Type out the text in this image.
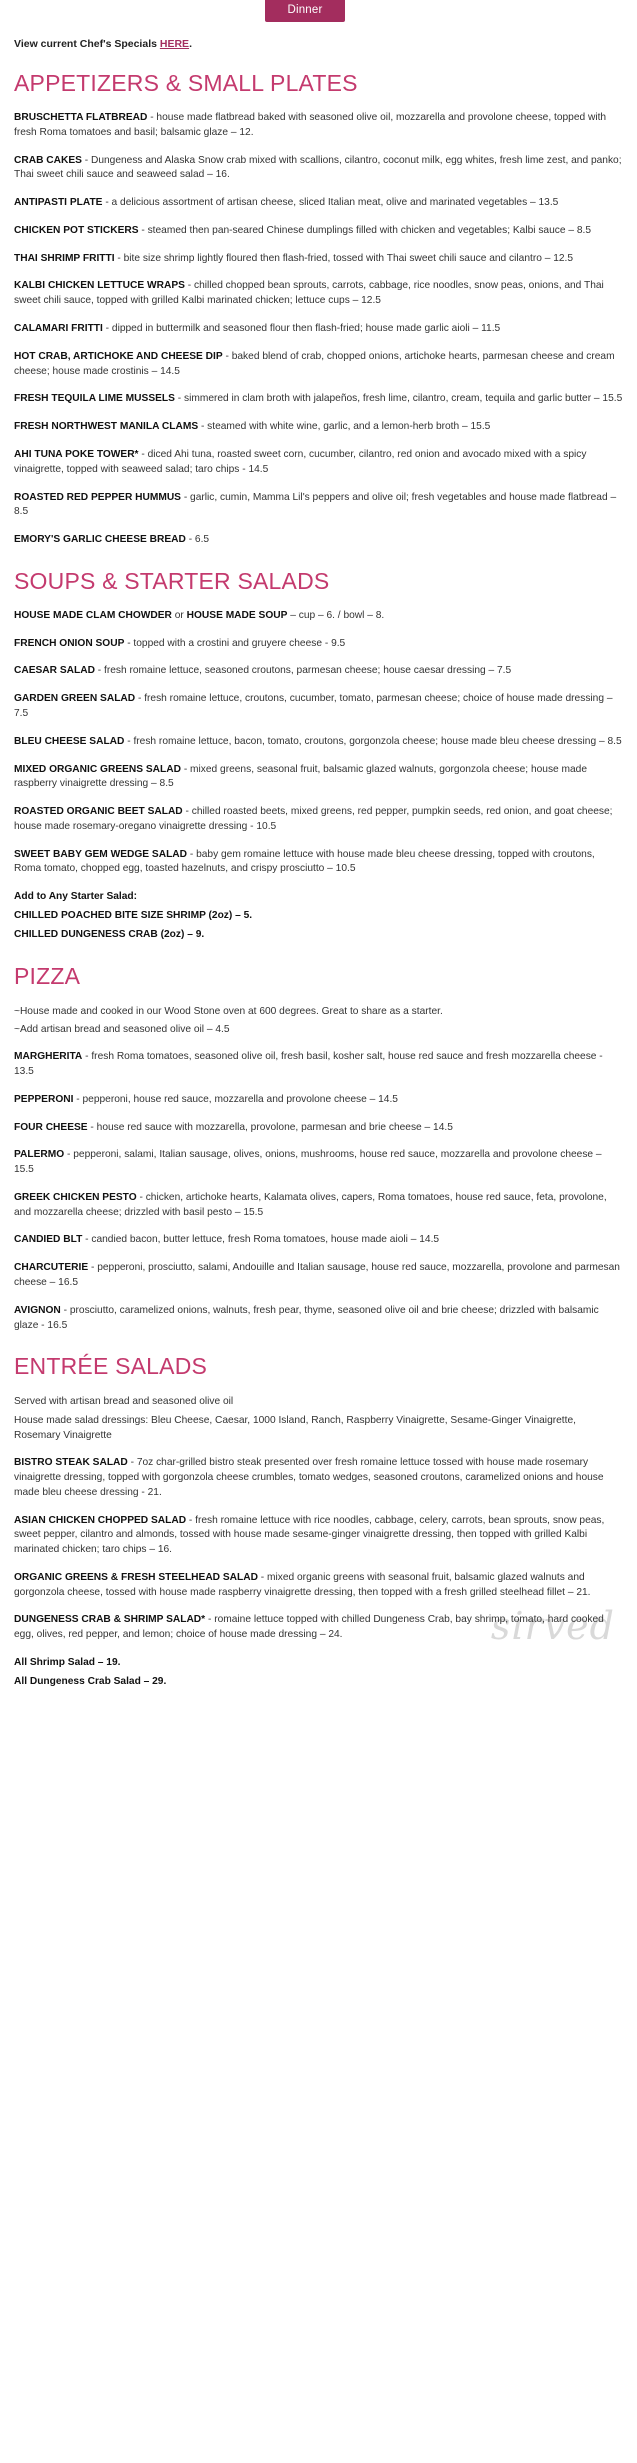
Dinner
sirved
View current Chef's Specials HERE.
APPETIZERS & SMALL PLATES

BRUSCHETTA FLATBREAD - house made flatbread baked with seasoned olive oil, mozzarella and provolone cheese, topped with fresh Roma tomatoes and basil; balsamic glaze – 12.

CRAB CAKES - Dungeness and Alaska Snow crab mixed with scallions, cilantro, coconut milk, egg whites, fresh lime zest, and panko; Thai sweet chili sauce and seaweed salad – 16.

ANTIPASTI PLATE - a delicious assortment of artisan cheese, sliced Italian meat, olive and marinated vegetables – 13.5

CHICKEN POT STICKERS - steamed then pan-seared Chinese dumplings filled with chicken and vegetables; Kalbi sauce – 8.5

THAI SHRIMP FRITTI - bite size shrimp lightly floured then flash-fried, tossed with Thai sweet chili sauce and cilantro – 12.5

KALBI CHICKEN LETTUCE WRAPS - chilled chopped bean sprouts, carrots, cabbage, rice noodles, snow peas, onions, and Thai sweet chili sauce, topped with grilled Kalbi marinated chicken; lettuce cups – 12.5

CALAMARI FRITTI - dipped in buttermilk and seasoned flour then flash-fried; house made garlic aioli – 11.5

HOT CRAB, ARTICHOKE AND CHEESE DIP - baked blend of crab, chopped onions, artichoke hearts, parmesan cheese and cream cheese; house made crostinis – 14.5

FRESH TEQUILA LIME MUSSELS - simmered in clam broth with jalapeños, fresh lime, cilantro, cream, tequila and garlic butter – 15.5

FRESH NORTHWEST MANILA CLAMS - steamed with white wine, garlic, and a lemon-herb broth – 15.5

AHI TUNA POKE TOWER* - diced Ahi tuna, roasted sweet corn, cucumber, cilantro, red onion and avocado mixed with a spicy vinaigrette, topped with seaweed salad; taro chips - 14.5

ROASTED RED PEPPER HUMMUS - garlic, cumin, Mamma Lil's peppers and olive oil; fresh vegetables and house made flatbread – 8.5

EMORY'S GARLIC CHEESE BREAD - 6.5

SOUPS & STARTER SALADS

HOUSE MADE CLAM CHOWDER or HOUSE MADE SOUP – cup – 6. / bowl – 8.

FRENCH ONION SOUP - topped with a crostini and gruyere cheese - 9.5

CAESAR SALAD - fresh romaine lettuce, seasoned croutons, parmesan cheese; house caesar dressing – 7.5

GARDEN GREEN SALAD - fresh romaine lettuce, croutons, cucumber, tomato, parmesan cheese; choice of house made dressing – 7.5

BLEU CHEESE SALAD - fresh romaine lettuce, bacon, tomato, croutons, gorgonzola cheese; house made bleu cheese dressing – 8.5

MIXED ORGANIC GREENS SALAD - mixed greens, seasonal fruit, balsamic glazed walnuts, gorgonzola cheese; house made raspberry vinaigrette dressing – 8.5

ROASTED ORGANIC BEET SALAD - chilled roasted beets, mixed greens, red pepper, pumpkin seeds, red onion, and goat cheese; house made rosemary-oregano vinaigrette dressing - 10.5

SWEET BABY GEM WEDGE SALAD - baby gem romaine lettuce with house made bleu cheese dressing, topped with croutons, Roma tomato, chopped egg, toasted hazelnuts, and crispy prosciutto – 10.5

Add to Any Starter Salad:

CHILLED POACHED BITE SIZE SHRIMP (2oz) – 5.

CHILLED DUNGENESS CRAB (2oz) – 9.

PIZZA

~House made and cooked in our Wood Stone oven at 600 degrees. Great to share as a starter.

~Add artisan bread and seasoned olive oil – 4.5

MARGHERITA - fresh Roma tomatoes, seasoned olive oil, fresh basil, kosher salt, house red sauce and fresh mozzarella cheese - 13.5

PEPPERONI - pepperoni, house red sauce, mozzarella and provolone cheese – 14.5

FOUR CHEESE - house red sauce with mozzarella, provolone, parmesan and brie cheese – 14.5

PALERMO - pepperoni, salami, Italian sausage, olives, onions, mushrooms, house red sauce, mozzarella and provolone cheese – 15.5

GREEK CHICKEN PESTO - chicken, artichoke hearts, Kalamata olives, capers, Roma tomatoes, house red sauce, feta, provolone, and mozzarella cheese; drizzled with basil pesto – 15.5

CANDIED BLT - candied bacon, butter lettuce, fresh Roma tomatoes, house made aioli – 14.5

CHARCUTERIE - pepperoni, prosciutto, salami, Andouille and Italian sausage, house red sauce, mozzarella, provolone and parmesan cheese – 16.5

AVIGNON - prosciutto, caramelized onions, walnuts, fresh pear, thyme, seasoned olive oil and brie cheese; drizzled with balsamic glaze - 16.5

ENTRÉE SALADS

Served with artisan bread and seasoned olive oil

House made salad dressings: Bleu Cheese, Caesar, 1000 Island, Ranch, Raspberry Vinaigrette, Sesame-Ginger Vinaigrette, Rosemary Vinaigrette

BISTRO STEAK SALAD - 7oz char-grilled bistro steak presented over fresh romaine lettuce tossed with house made rosemary vinaigrette dressing, topped with gorgonzola cheese crumbles, tomato wedges, seasoned croutons, caramelized onions and house made bleu cheese dressing - 21.

ASIAN CHICKEN CHOPPED SALAD - fresh romaine lettuce with rice noodles, cabbage, celery, carrots, bean sprouts, snow peas, sweet pepper, cilantro and almonds, tossed with house made sesame-ginger vinaigrette dressing, then topped with grilled Kalbi marinated chicken; taro chips – 16.

ORGANIC GREENS & FRESH STEELHEAD SALAD - mixed organic greens with seasonal fruit, balsamic glazed walnuts and gorgonzola cheese, tossed with house made raspberry vinaigrette dressing, then topped with a fresh grilled steelhead fillet – 21.

DUNGENESS CRAB & SHRIMP SALAD* - romaine lettuce topped with chilled Dungeness Crab, bay shrimp, tomato, hard cooked egg, olives, red pepper, and lemon; choice of house made dressing – 24.

All Shrimp Salad – 19.

All Dungeness Crab Salad – 29.
